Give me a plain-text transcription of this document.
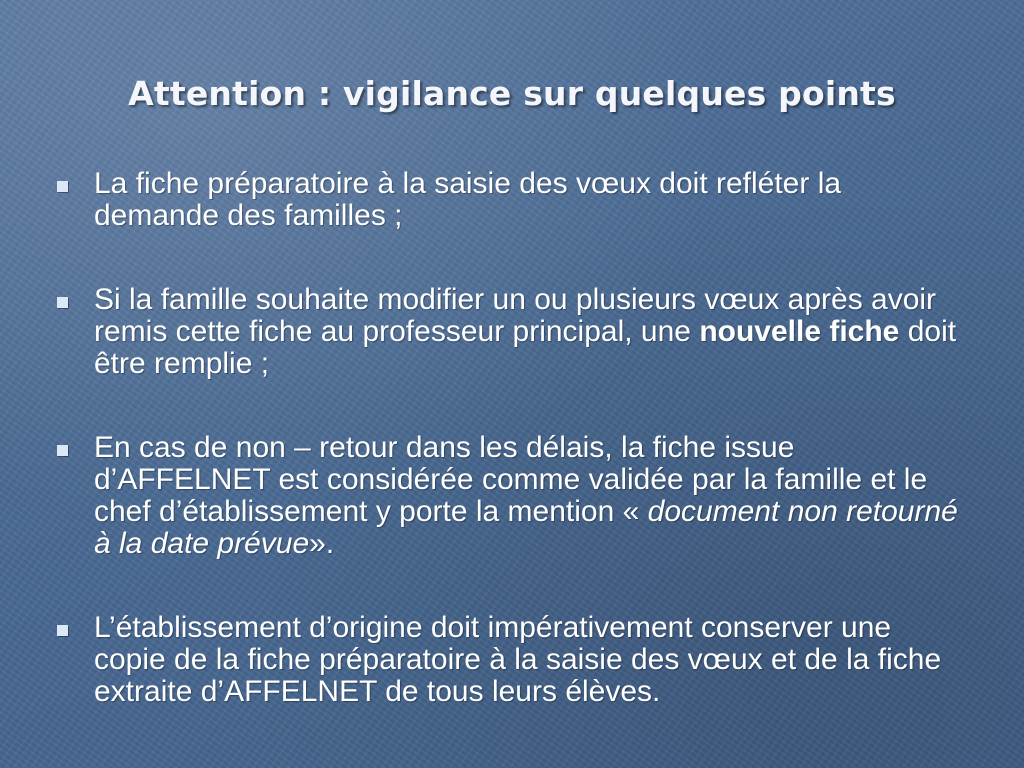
Attention : vigilance sur quelques points
La fiche préparatoire à la saisie des vœux doit refléter la demande des familles ;
Si la famille souhaite modifier un ou plusieurs vœux après avoir remis cette fiche au professeur principal, une nouvelle fiche doit être remplie ;
En cas de non – retour dans les délais, la fiche issue d’AFFELNET est considérée comme validée par la famille et le chef d’établissement y porte la mention « document non retourné à la date prévue».
L’établissement d’origine doit impérativement conserver une copie de la fiche préparatoire à la saisie des vœux et de la fiche extraite d’AFFELNET de tous leurs élèves.
